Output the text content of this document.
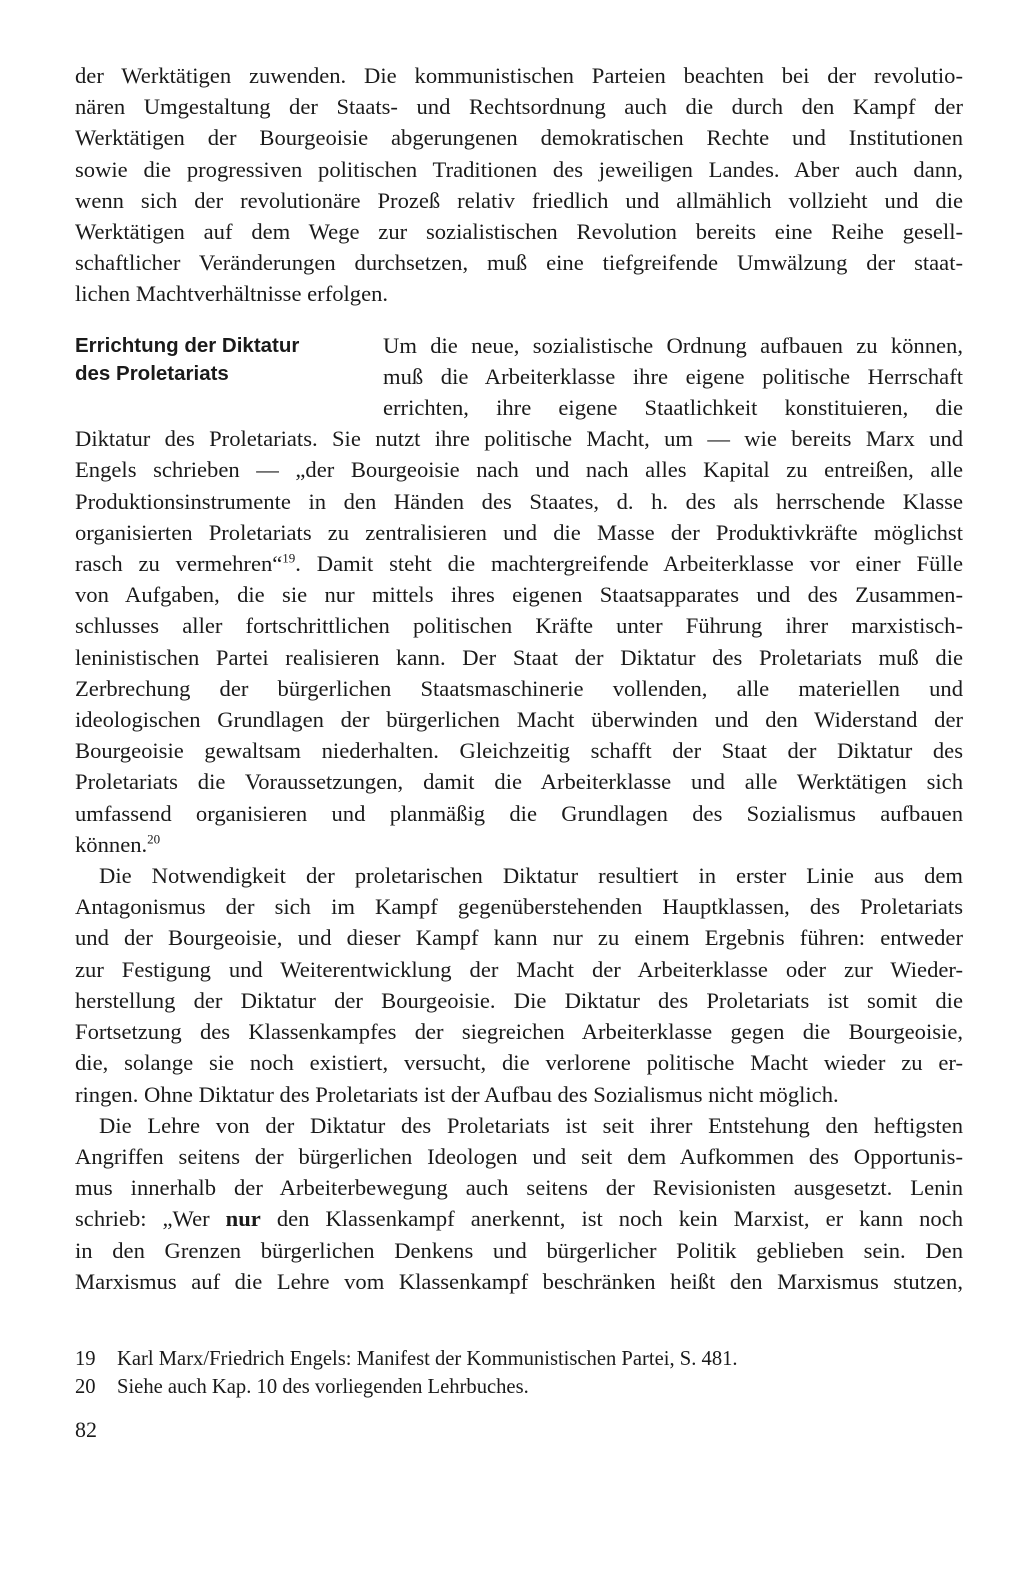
der Werktätigen zuwenden. Die kommunistischen Parteien beachten bei der revolutio-
nären Umgestaltung der Staats- und Rechtsordnung auch die durch den Kampf der
Werktätigen der Bourgeoisie abgerungenen demokratischen Rechte und Institutionen
sowie die progressiven politischen Traditionen des jeweiligen Landes. Aber auch dann,
wenn sich der revolutionäre Prozeß relativ friedlich und allmählich vollzieht und die
Werktätigen auf dem Wege zur sozialistischen Revolution bereits eine Reihe gesell-
schaftlicher Veränderungen durchsetzen, muß eine tiefgreifende Umwälzung der staat-
lichen Machtverhältnisse erfolgen.

Errichtung der Diktatur
des Proletariats

Um die neue, sozialistische Ordnung aufbauen zu können,
muß die Arbeiterklasse ihre eigene politische Herrschaft
errichten, ihre eigene Staatlichkeit konstituieren, die
Diktatur des Proletariats. Sie nutzt ihre politische Macht, um — wie bereits Marx und
Engels schrieben — „der Bourgeoisie nach und nach alles Kapital zu entreißen, alle
Produktionsinstrumente in den Händen des Staates, d. h. des als herrschende Klasse
organisierten Proletariats zu zentralisieren und die Masse der Produktivkräfte möglichst
rasch zu vermehren“$^{19}$. Damit steht die machtergreifende Arbeiterklasse vor einer Fülle
von Aufgaben, die sie nur mittels ihres eigenen Staatsapparates und des Zusammen-
schlusses aller fortschrittlichen politischen Kräfte unter Führung ihrer marxistisch-
leninistischen Partei realisieren kann. Der Staat der Diktatur des Proletariats muß die
Zerbrechung der bürgerlichen Staatsmaschinerie vollenden, alle materiellen und
ideologischen Grundlagen der bürgerlichen Macht überwinden und den Widerstand der
Bourgeoisie gewaltsam niederhalten. Gleichzeitig schafft der Staat der Diktatur des
Proletariats die Voraussetzungen, damit die Arbeiterklasse und alle Werktätigen sich
umfassend organisieren und planmäßig die Grundlagen des Sozialismus aufbauen
können.$^{20}$

Die Notwendigkeit der proletarischen Diktatur resultiert in erster Linie aus dem
Antagonismus der sich im Kampf gegenüberstehenden Hauptklassen, des Proletariats
und der Bourgeoisie, und dieser Kampf kann nur zu einem Ergebnis führen: entweder
zur Festigung und Weiterentwicklung der Macht der Arbeiterklasse oder zur Wieder-
herstellung der Diktatur der Bourgeoisie. Die Diktatur des Proletariats ist somit die
Fortsetzung des Klassenkampfes der siegreichen Arbeiterklasse gegen die Bourgeoisie,
die, solange sie noch existiert, versucht, die verlorene politische Macht wieder zu er-
ringen. Ohne Diktatur des Proletariats ist der Aufbau des Sozialismus nicht möglich.

Die Lehre von der Diktatur des Proletariats ist seit ihrer Entstehung den heftigsten
Angriffen seitens der bürgerlichen Ideologen und seit dem Aufkommen des Opportunis-
mus innerhalb der Arbeiterbewegung auch seitens der Revisionisten ausgesetzt. Lenin
schrieb: „Wer nur den Klassenkampf anerkennt, ist noch kein Marxist, er kann noch
in den Grenzen bürgerlichen Denkens und bürgerlicher Politik geblieben sein. Den
Marxismus auf die Lehre vom Klassenkampf beschränken heißt den Marxismus stutzen,

19	Karl Marx/Friedrich Engels: Manifest der Kommunistischen Partei, S. 481.
20	Siehe auch Kap. 10 des vorliegenden Lehrbuches.
82
